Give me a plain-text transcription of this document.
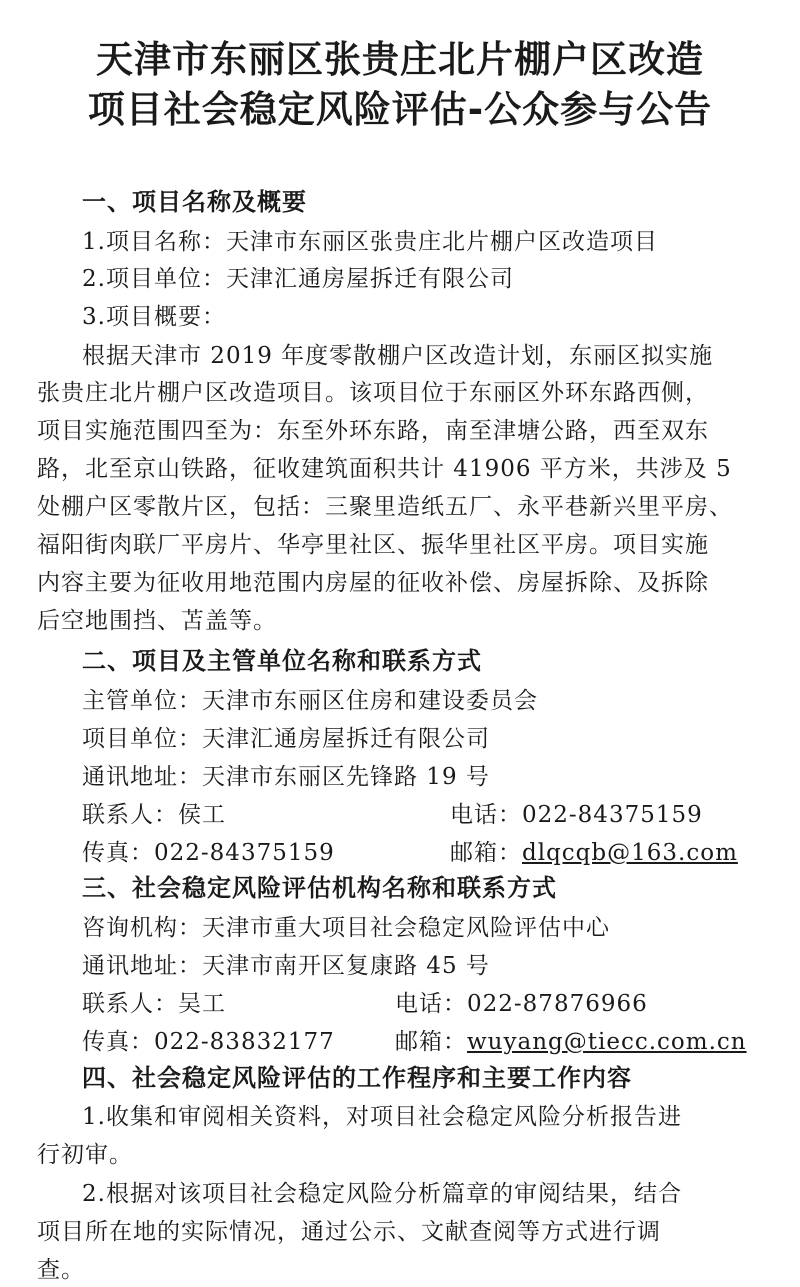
天津市东丽区张贵庄北片棚户区改造
项目社会稳定风险评估-公众参与公告
一、项目名称及概要
1.项目名称：天津市东丽区张贵庄北片棚户区改造项目
2.项目单位：天津汇通房屋拆迁有限公司
3.项目概要：
根据天津市 2019 年度零散棚户区改造计划，东丽区拟实施
张贵庄北片棚户区改造项目。该项目位于东丽区外环东路西侧，
项目实施范围四至为：东至外环东路，南至津塘公路，西至双东
路，北至京山铁路，征收建筑面积共计 41906 平方米，共涉及 5
处棚户区零散片区，包括：三聚里造纸五厂、永平巷新兴里平房、
福阳街肉联厂平房片、华亭里社区、振华里社区平房。项目实施
内容主要为征收用地范围内房屋的征收补偿、房屋拆除、及拆除
后空地围挡、苫盖等。
二、项目及主管单位名称和联系方式
主管单位：天津市东丽区住房和建设委员会
项目单位：天津汇通房屋拆迁有限公司
通讯地址：天津市东丽区先锋路 19 号
联系人：侯工	电话：022-84375159
传真：022-84375159	邮箱：dlqcqb@163.com
三、社会稳定风险评估机构名称和联系方式
咨询机构：天津市重大项目社会稳定风险评估中心
通讯地址：天津市南开区复康路 45 号
联系人：吴工	电话：022-87876966
传真：022-83832177	邮箱：wuyang@tiecc.com.cn
四、社会稳定风险评估的工作程序和主要工作内容
1.收集和审阅相关资料，对项目社会稳定风险分析报告进
行初审。
2.根据对该项目社会稳定风险分析篇章的审阅结果，结合
项目所在地的实际情况，通过公示、文献查阅等方式进行调
查。
